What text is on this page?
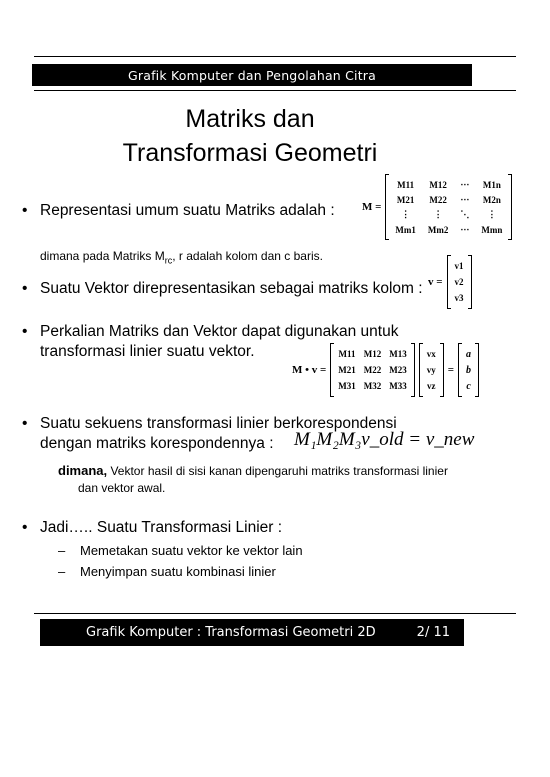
Grafik Komputer dan Pengolahan Citra
Matriks dan
Transformasi Geometri
• Representasi umum suatu Matriks adalah : M =
M11	M12	⋯	M1n
M21	M22	⋯	M2n
⋮	⋮	⋱	⋮
Mm1	Mm2	⋯	Mmn
dimana pada Matriks $M_{rc}$, r adalah kolom dan c baris.
• Suatu Vektor direpresentasikan sebagai matriks kolom : v =
v1
v2
v3
• Perkalian Matriks dan Vektor dapat digunakan untuk
transformasi linier suatu vektor.
M • v =
M11	M12	M13
M21	M22	M23
M31	M32	M33
vx
vy
vz
=
a
b
c
• Suatu sekuens transformasi linier berkorespondensi
dengan matriks korespondennya : M₁M₂M₃v_old = v_new
dimana, Vektor hasil di sisi kanan dipengaruhi matriks transformasi linier
dan vektor awal.
• Jadi….. Suatu Transformasi Linier :
– Memetakan suatu vektor ke vektor lain
– Menyimpan suatu kombinasi linier
Grafik Komputer : Transformasi Geometri 2D	2/ 11
